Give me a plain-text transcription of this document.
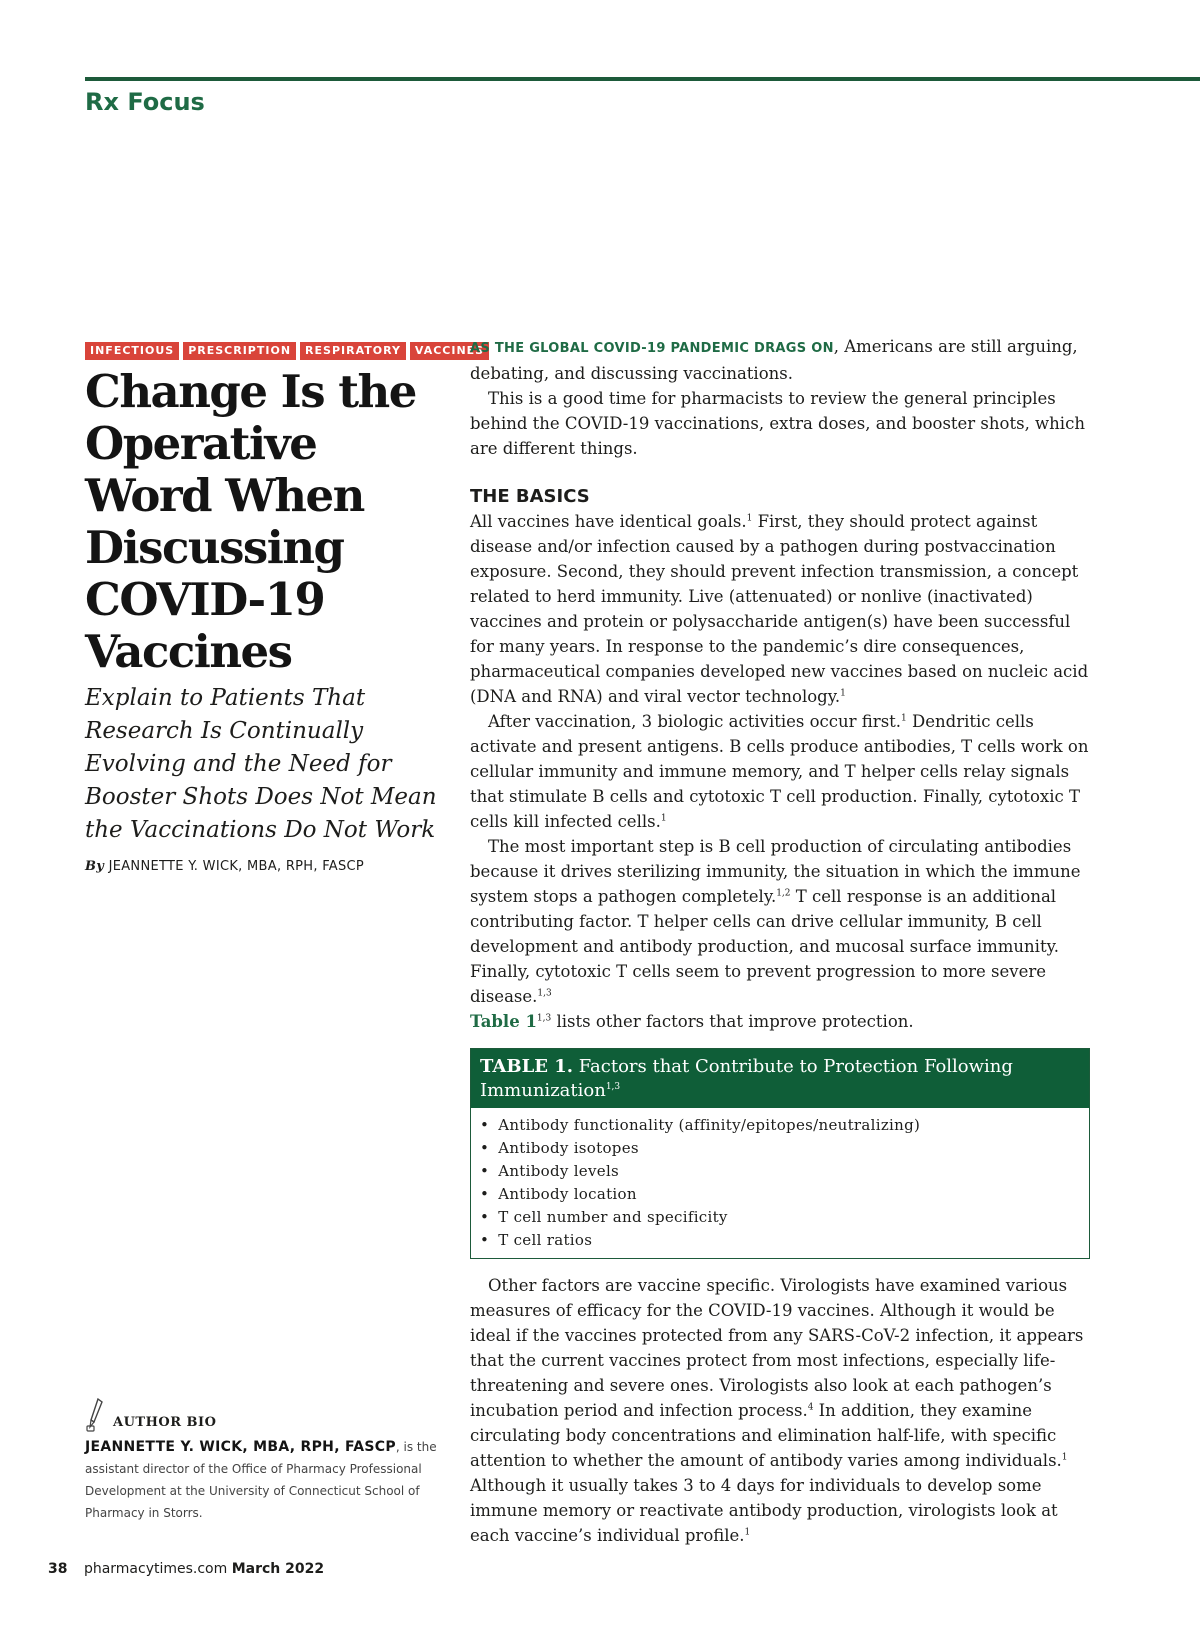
Rx Focus
INFECTIOUS	PRESCRIPTION	RESPIRATORY	VACCINES
Change Is the Operative Word When Discussing COVID-19 Vaccines
Explain to Patients That Research Is Continually Evolving and the Need for Booster Shots Does Not Mean the Vaccinations Do Not Work
By JEANNETTE Y. WICK, MBA, RPH, FASCP
AUTHOR BIO
JEANNETTE Y. WICK, MBA, RPH, FASCP, is the assistant director of the Office of Pharmacy Professional Development at the University of Connecticut School of Pharmacy in Storrs.

AS THE GLOBAL COVID-19 PANDEMIC DRAGS ON, Americans are still arguing, debating, and discussing vaccinations.

This is a good time for pharmacists to review the general principles behind the COVID-19 vaccinations, extra doses, and booster shots, which are different things.

THE BASICS

All vaccines have identical goals.$^1$ First, they should protect against disease and/or infection caused by a pathogen during postvaccination exposure. Second, they should prevent infection transmission, a concept related to herd immunity. Live (attenuated) or nonlive (inactivated) vaccines and protein or polysaccharide antigen(s) have been successful for many years. In response to the pandemic’s dire consequences, pharmaceutical companies developed new vaccines based on nucleic acid (DNA and RNA) and viral vector technology.$^1$

After vaccination, 3 biologic activities occur first.$^1$ Dendritic cells activate and present antigens. B cells produce antibodies, T cells work on cellular immunity and immune memory, and T helper cells relay signals that stimulate B cells and cytotoxic T cell production. Finally, cytotoxic T cells kill infected cells.$^1$

The most important step is B cell production of circulating antibodies because it drives sterilizing immunity, the situation in which the immune system stops a pathogen completely.$^{1,2}$ T cell response is an additional contributing factor. T helper cells can drive cellular immunity, B cell development and antibody production, and mucosal surface immunity. Finally, cytotoxic T cells seem to prevent progression to more severe disease.$^{1,3}$

Table 1$^{1,3}$ lists other factors that improve protection.

TABLE 1. Factors that Contribute to Protection Following Immunization$^{1,3}$
• Antibody functionality (affinity/epitopes/neutralizing)
• Antibody isotopes
• Antibody levels
• Antibody location
• T cell number and specificity
• T cell ratios

Other factors are vaccine specific. Virologists have examined various measures of efficacy for the COVID-19 vaccines. Although it would be ideal if the vaccines protected from any SARS-CoV-2 infection, it appears that the current vaccines protect from most infections, especially life-threatening and severe ones. Virologists also look at each pathogen’s incubation period and infection process.$^4$ In addition, they examine circulating body concentrations and elimination half-life, with specific attention to whether the amount of antibody varies among individuals.$^1$ Although it usually takes 3 to 4 days for individuals to develop some immune memory or reactivate antibody production, virologists look at each vaccine’s individual profile.$^1$

38 pharmacytimes.com March 2022
